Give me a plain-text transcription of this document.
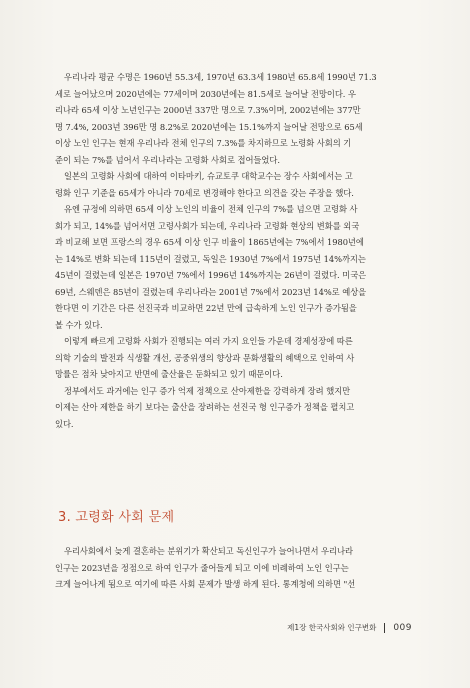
우리나라 평균 수명은 1960년 55.3세, 1970년 63.3세 1980년 65.8세 1990년 71.3
세로 늘어났으며 2020년에는 77세이며 2030년에는 81.5세로 늘어날 전망이다. 우
리나라 65세 이상 노년인구는 2000년 337만 명으로 7.3%이며, 2002년에는 377만
명 7.4%, 2003년 396만 명 8.2%로 2020년에는 15.1%까지 늘어날 전망으로 65세
이상 노인 인구는 현재 우리나라 전체 인구의 7.3%를 차지하므로 노령화 사회의 기
준이 되는 7%를 넘어서 우리나라는 고령화 사회로 접어들었다.

일본의 고령화 사회에 대하여 이타마키, 슈교토쿠 대학교수는 장수 사회에서는 고
령화 인구 기준을 65세가 아니라 70세로 변경해야 한다고 의견을 갖는 주장을 했다.

유엔 규정에 의하면 65세 이상 노인의 비율이 전체 인구의 7%를 넘으면 고령화 사
회가 되고, 14%를 넘어서면 고령사회가 되는데, 우리나라 고령화 현상의 변화를 외국
과 비교해 보면 프랑스의 경우 65세 이상 인구 비율이 1865년에는 7%에서 1980년에
는 14%로 변화 되는데 115년이 걸렸고, 독일은 1930년 7%에서 1975년 14%까지는
45년이 걸렸는데 일본은 1970년 7%에서 1996년 14%까지는 26년이 걸렸다. 미국은
69년, 스웨덴은 85년이 걸렸는데 우리나라는 2001년 7%에서 2023년 14%로 예상을
한다면 이 기간은 다른 선진국과 비교하면 22년 만에 급속하게 노인 인구가 증가됨을
볼 수가 있다.

이렇게 빠르게 고령화 사회가 진행되는 여러 가지 요인들 가운데 경제성장에 따른
의학 기술의 발전과 식생활 개선, 공중위생의 향상과 문화생활의 혜택으로 인하여 사
망률은 점차 낮아지고 반면에 출산율은 둔화되고 있기 때문이다.

정부에서도 과거에는 인구 증가 억제 정책으로 산아제한을 강력하게 장려 했지만
이제는 산아 제한을 하기 보다는 출산을 장려하는 선진국 형 인구증가 정책을 펼치고
있다.

3. 고령화 사회 문제

우리사회에서 늦게 결혼하는 분위기가 확산되고 독신인구가 늘어나면서 우리나라
인구는 2023년을 정점으로 하여 인구가 줄어들게 되고 이에 비례하여 노인 인구는
크게 늘어나게 됨으로 여기에 따른 사회 문제가 발생 하게 된다. 통계청에 의하면 "선

제1장 한국사회와 인구변화 009
